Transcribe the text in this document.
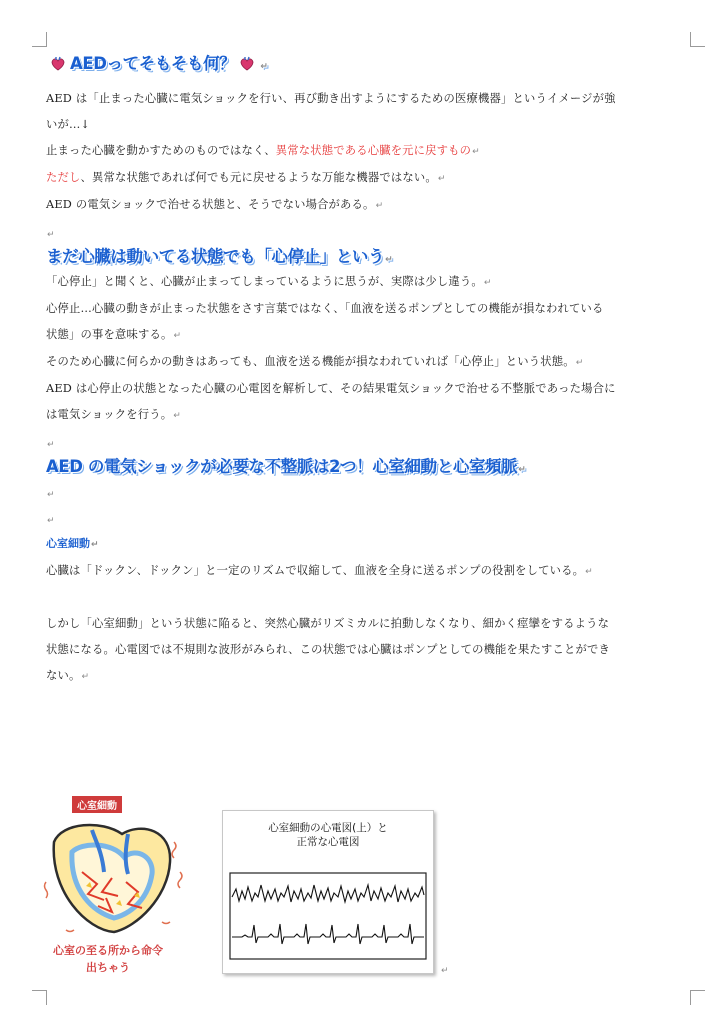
AEDってそもそも何？	↵
AED は「止まった心臓に電気ショックを行い、再び動き出すようにするための医療機器」というイメージが強
いが…↓
止まった心臓を動かすためのものではなく、異常な状態である心臓を元に戻すもの↵
ただし、異常な状態であれば何でも元に戻せるような万能な機器ではない。↵
AED の電気ショックで治せる状態と、そうでない場合がある。↵
↵
まだ心臓は動いてる状態でも「心停止」という↵
「心停止」と聞くと、心臓が止まってしまっているように思うが、実際は少し違う。↵
心停止…心臓の動きが止まった状態をさす言葉ではなく、「血液を送るポンプとしての機能が損なわれている
状態」の事を意味する。↵
そのため心臓に何らかの動きはあっても、血液を送る機能が損なわれていれば「心停止」という状態。↵
AED は心停止の状態となった心臓の心電図を解析して、その結果電気ショックで治せる不整脈であった場合に
は電気ショックを行う。↵
↵
AED の電気ショックが必要な不整脈は2つ！心室細動と心室頻脈↵
↵
↵
心室細動↵
心臓は「ドックン、ドックン」と一定のリズムで収縮して、血液を全身に送るポンプの役割をしている。↵
しかし「心室細動」という状態に陥ると、突然心臓がリズミカルに拍動しなくなり、細かく痙攣をするような
状態になる。心電図では不規則な波形がみられ、この状態では心臓はポンプとしての機能を果たすことができ
ない。↵
心室細動
心室の至る所から命令
出ちゃう
心室細動の心電図(上）と
正常な心電図
↵
